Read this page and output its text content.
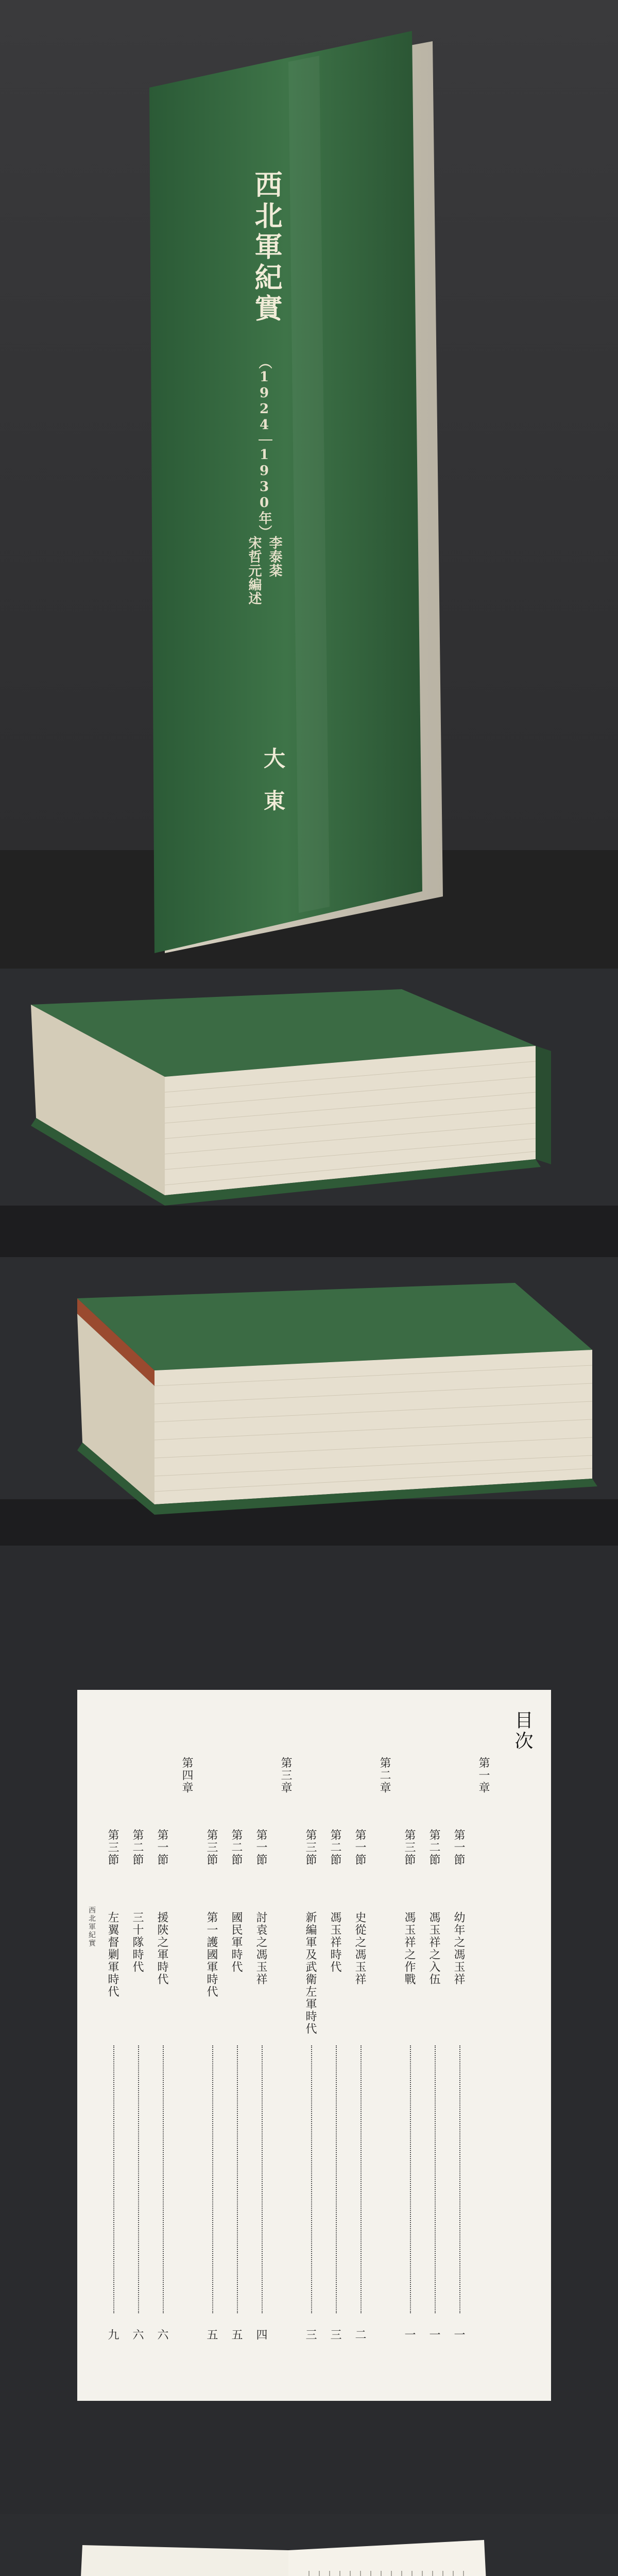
西北軍紀實
（1924｜1930年）
李泰棻
宋哲元編述
大東
目次
第一章
第一節
幼年之馮玉祥
一
第二節
馮玉祥之入伍
一
第三節
馮玉祥之作戰
一
第二章
第一節
史從之馮玉祥
二
第二節
馮玉祥時代
三
第三節
新編軍及武衛左軍時代
三
第三章
第一節
討袁之馮玉祥
四
第二節
國民軍時代
五
第三節
第一護國軍時代
五
第四章
第一節
援陝之軍時代
六
第二節
三十隊時代
六
第三節
左翼督剿軍時代
九
西北軍紀實
